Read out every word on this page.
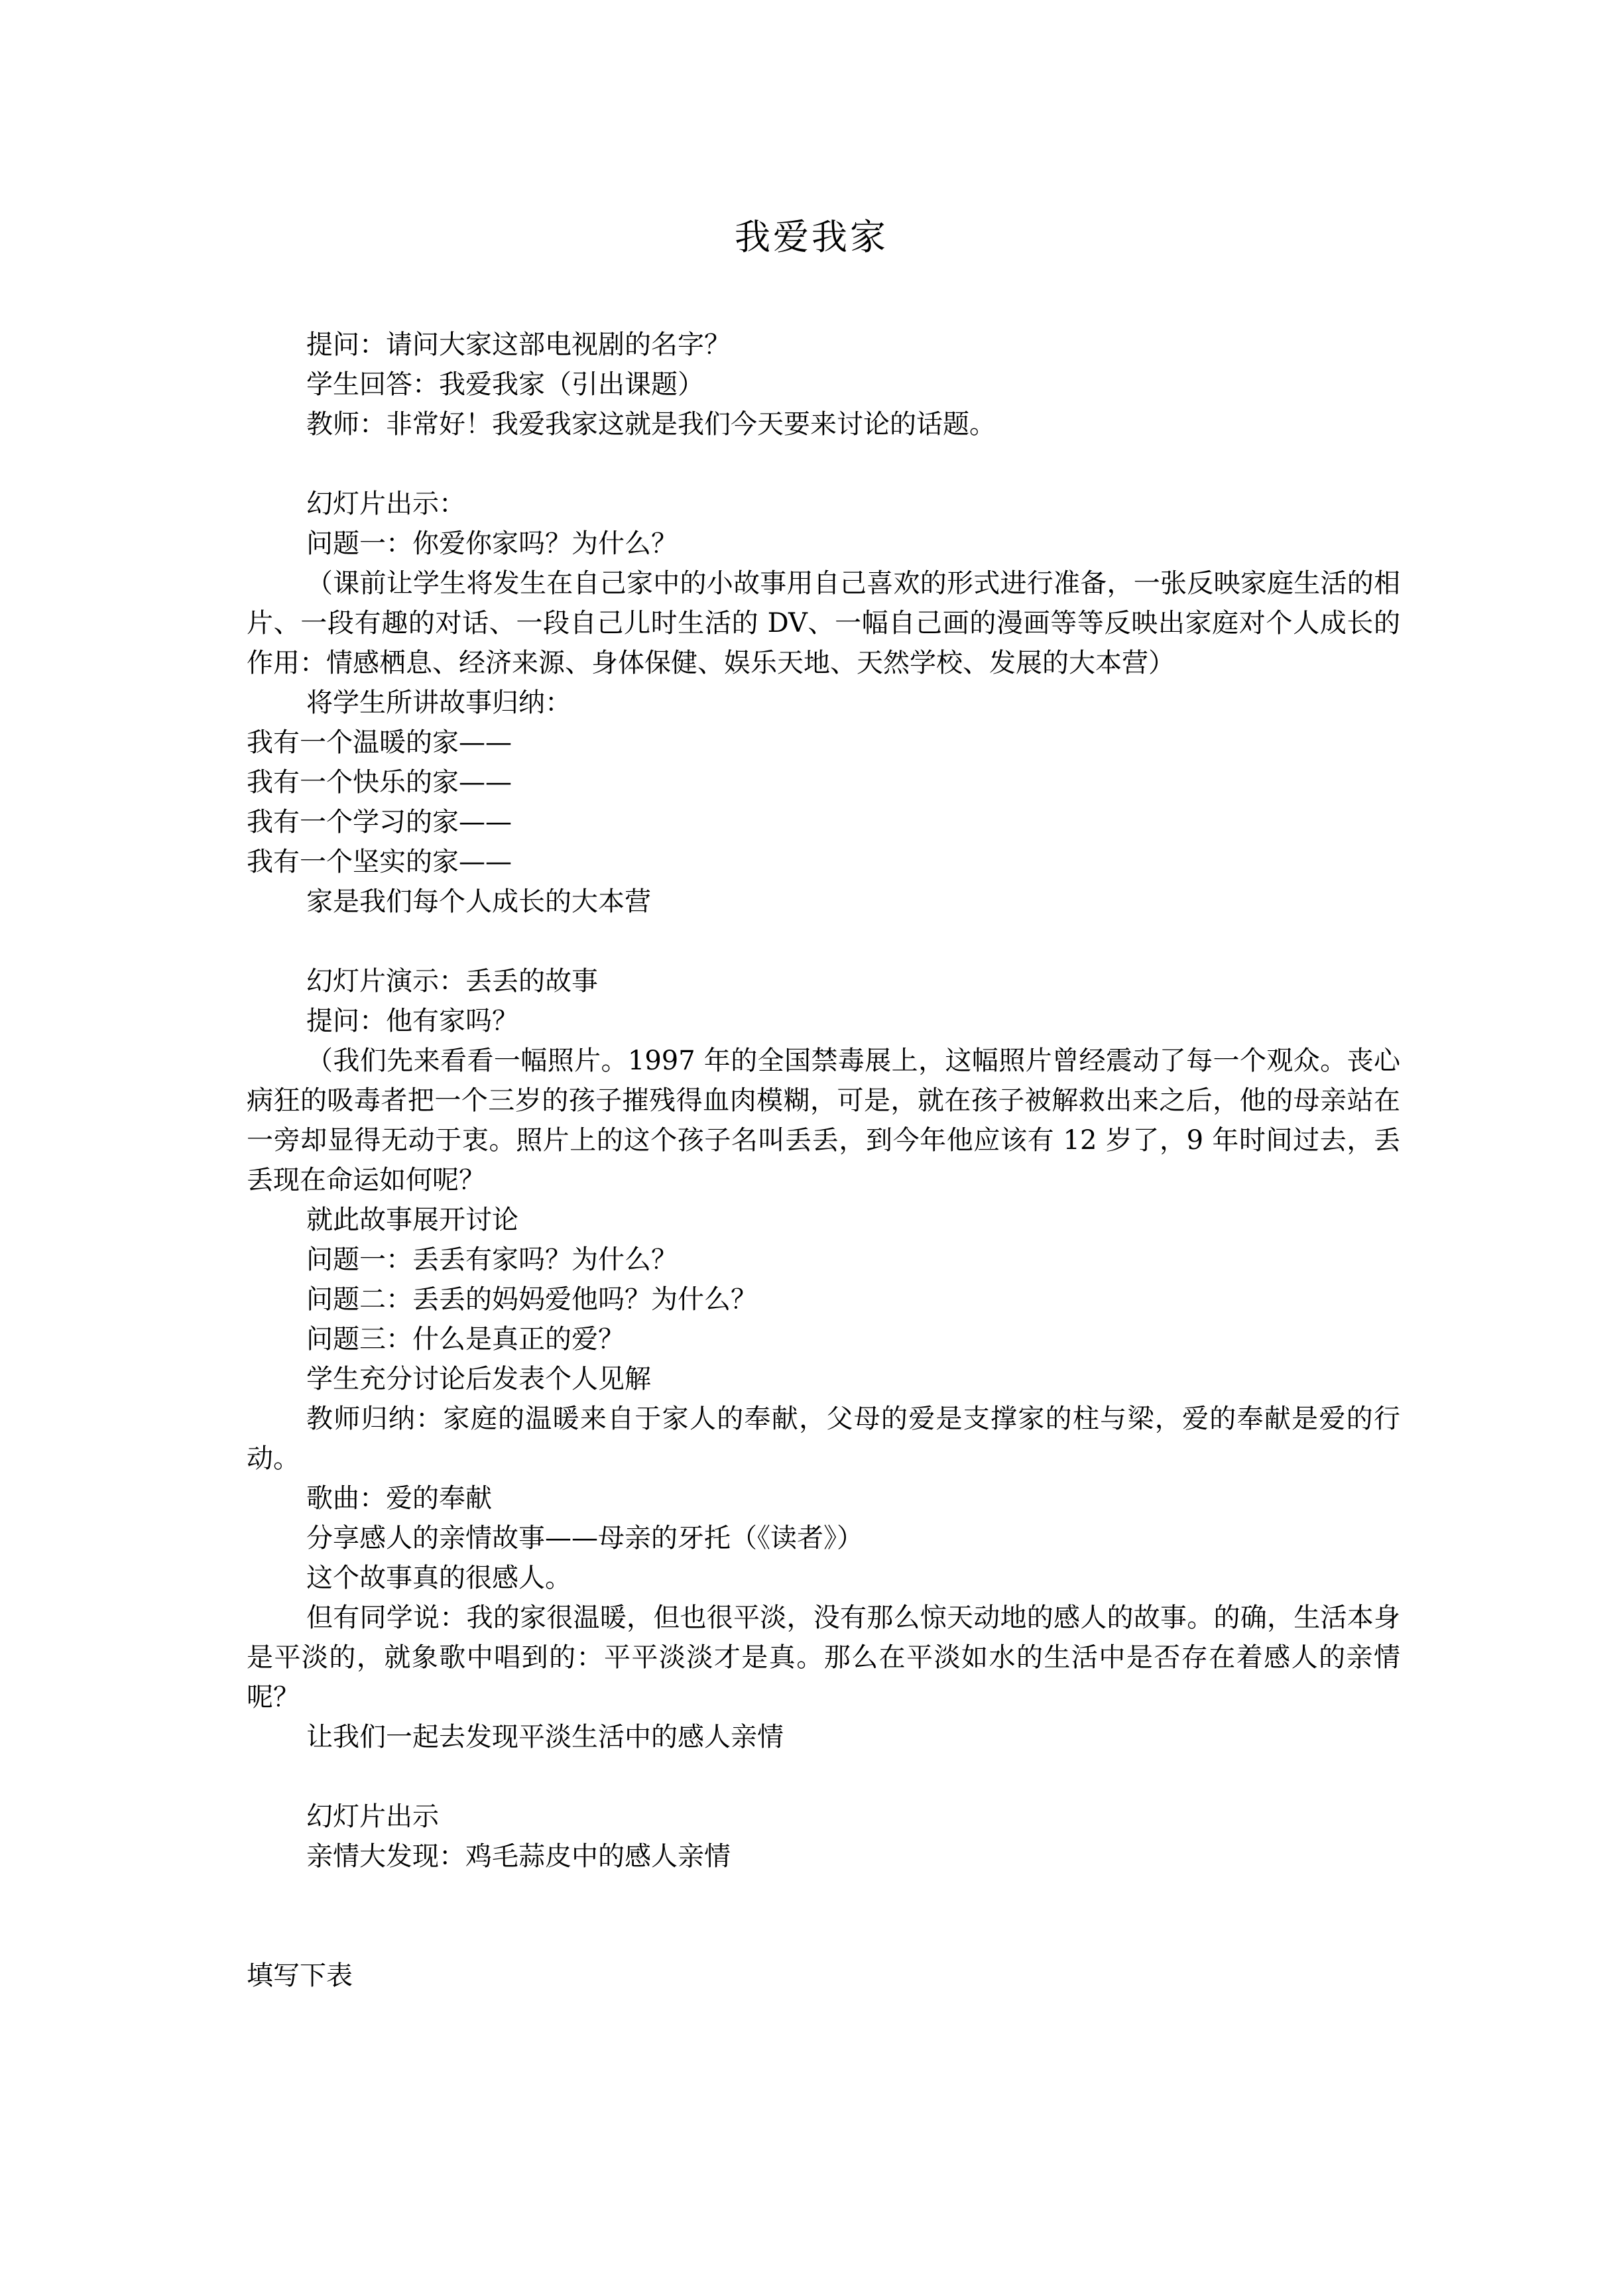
我爱我家

提问：请问大家这部电视剧的名字？

学生回答：我爱我家（引出课题）

教师：非常好！我爱我家这就是我们今天要来讨论的话题。

幻灯片出示：

问题一：你爱你家吗？为什么？

（课前让学生将发生在自己家中的小故事用自己喜欢的形式进行准备，一张反映家庭生活的相片、一段有趣的对话、一段自己儿时生活的 DV、一幅自己画的漫画等等反映出家庭对个人成长的作用：情感栖息、经济来源、身体保健、娱乐天地、天然学校、发展的大本营）

将学生所讲故事归纳：

我有一个温暖的家——

我有一个快乐的家——

我有一个学习的家——

我有一个坚实的家——

家是我们每个人成长的大本营

幻灯片演示：丢丢的故事

提问：他有家吗？

（我们先来看看一幅照片。1997 年的全国禁毒展上，这幅照片曾经震动了每一个观众。丧心病狂的吸毒者把一个三岁的孩子摧残得血肉模糊，可是，就在孩子被解救出来之后，他的母亲站在一旁却显得无动于衷。照片上的这个孩子名叫丢丢，到今年他应该有 12 岁了，9 年时间过去，丢丢现在命运如何呢？

就此故事展开讨论

问题一：丢丢有家吗？为什么？

问题二：丢丢的妈妈爱他吗？为什么？

问题三：什么是真正的爱？

学生充分讨论后发表个人见解

教师归纳：家庭的温暖来自于家人的奉献，父母的爱是支撑家的柱与梁，爱的奉献是爱的行动。

歌曲：爱的奉献

分享感人的亲情故事——母亲的牙托（《读者》）

这个故事真的很感人。

但有同学说：我的家很温暖，但也很平淡，没有那么惊天动地的感人的故事。的确，生活本身是平淡的，就象歌中唱到的：平平淡淡才是真。那么在平淡如水的生活中是否存在着感人的亲情呢？

让我们一起去发现平淡生活中的感人亲情

幻灯片出示

亲情大发现：鸡毛蒜皮中的感人亲情

填写下表
